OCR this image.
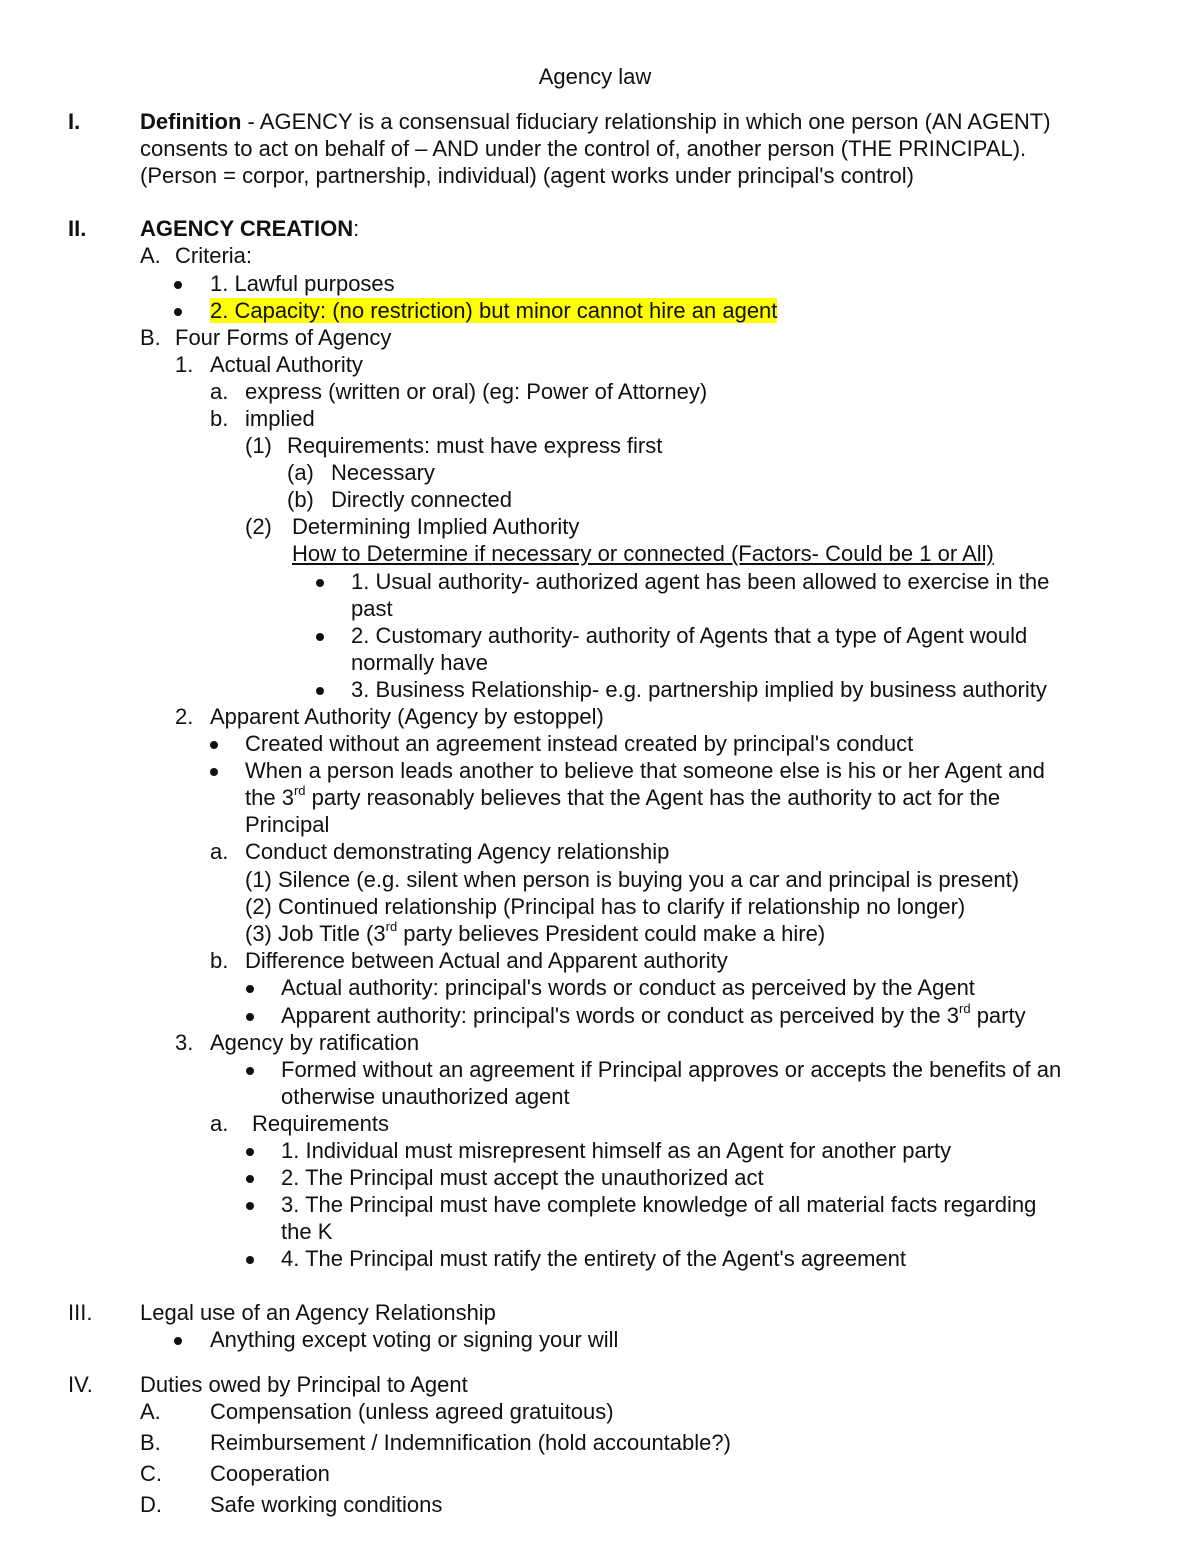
Agency law
I.	Definition - AGENCY is a consensual fiduciary relationship in which one person (AN AGENT)
consents to act on behalf of – AND under the control of, another person (THE PRINCIPAL).
(Person = corpor, partnership, individual) (agent works under principal's control)
II. AGENCY CREATION:
A. Criteria:
1. Lawful purposes
2. Capacity: (no restriction) but minor cannot hire an agent
B. Four Forms of Agency
1. Actual Authority
a. express (written or oral) (eg: Power of Attorney)
b. implied
(1) Requirements: must have express first
(a) Necessary
(b) Directly connected
(2) Determining Implied Authority
How to Determine if necessary or connected (Factors- Could be 1 or All)
1. Usual authority- authorized agent has been allowed to exercise in the
past
2. Customary authority- authority of Agents that a type of Agent would
normally have
3. Business Relationship- e.g. partnership implied by business authority
2. Apparent Authority (Agency by estoppel)
Created without an agreement instead created by principal's conduct
When a person leads another to believe that someone else is his or her Agent and
the 3rd party reasonably believes that the Agent has the authority to act for the
Principal
a. Conduct demonstrating Agency relationship
(1) Silence (e.g. silent when person is buying you a car and principal is present)
(2) Continued relationship (Principal has to clarify if relationship no longer)
(3) Job Title (3rd party believes President could make a hire)
b. Difference between Actual and Apparent authority
Actual authority: principal's words or conduct as perceived by the Agent
Apparent authority: principal's words or conduct as perceived by the 3rd party
3. Agency by ratification
Formed without an agreement if Principal approves or accepts the benefits of an
otherwise unauthorized agent
a. Requirements
1. Individual must misrepresent himself as an Agent for another party
2. The Principal must accept the unauthorized act
3. The Principal must have complete knowledge of all material facts regarding
the K
4. The Principal must ratify the entirety of the Agent's agreement
III. Legal use of an Agency Relationship
Anything except voting or signing your will
IV. Duties owed by Principal to Agent
A. Compensation (unless agreed gratuitous)
B. Reimbursement / Indemnification (hold accountable?)
C. Cooperation
D. Safe working conditions
